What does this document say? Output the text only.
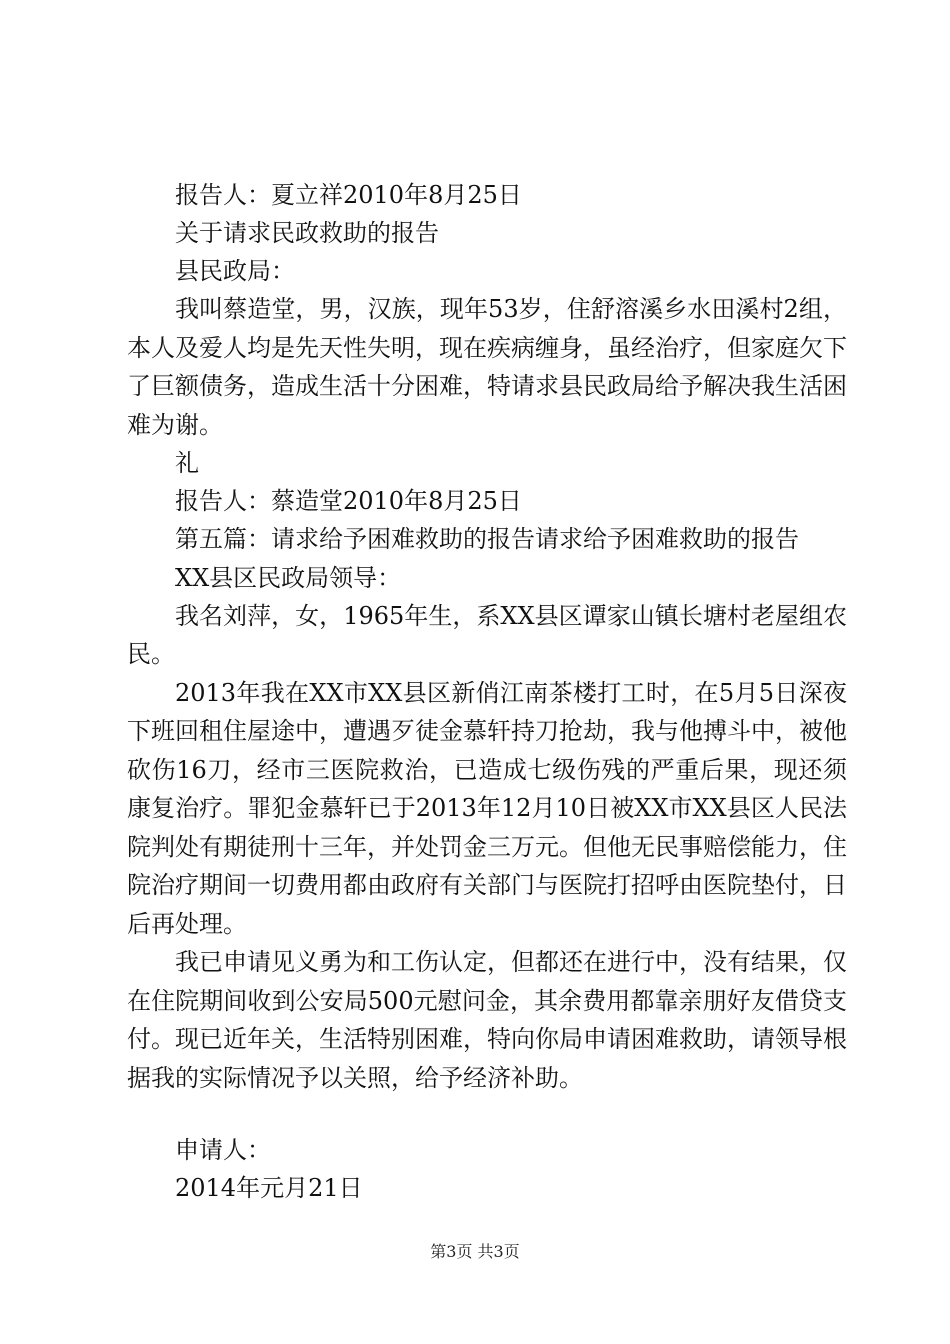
报告人：夏立祥2010年8月25日
关于请求民政救助的报告
县民政局：

我叫蔡造堂，男，汉族，现年53岁，住舒溶溪乡水田溪村2组，本人及爱人均是先天性失明，现在疾病缠身，虽经治疗，但家庭欠下了巨额债务，造成生活十分困难，特请求县民政局给予解决我生活困难为谢。

礼
报告人：蔡造堂2010年8月25日

第五篇：请求给予困难救助的报告请求给予困难救助的报告

XX县区民政局领导：

我名刘萍，女，1965年生，系XX县区谭家山镇长塘村老屋组农民。

2013年我在XX市XX县区新俏江南茶楼打工时，在5月5日深夜下班回租住屋途中，遭遇歹徒金慕轩持刀抢劫，我与他搏斗中，被他砍伤16刀，经市三医院救治，已造成七级伤残的严重后果，现还须康复治疗。罪犯金慕轩已于2013年12月10日被XX市XX县区人民法院判处有期徒刑十三年，并处罚金三万元。但他无民事赔偿能力，住院治疗期间一切费用都由政府有关部门与医院打招呼由医院垫付，日后再处理。

我已申请见义勇为和工伤认定，但都还在进行中，没有结果，仅在住院期间收到公安局500元慰问金，其余费用都靠亲朋好友借贷支付。现已近年关，生活特别困难，特向你局申请困难救助，请领导根据我的实际情况予以关照，给予经济补助。

申请人：
2014年元月21日
第3页 共3页
